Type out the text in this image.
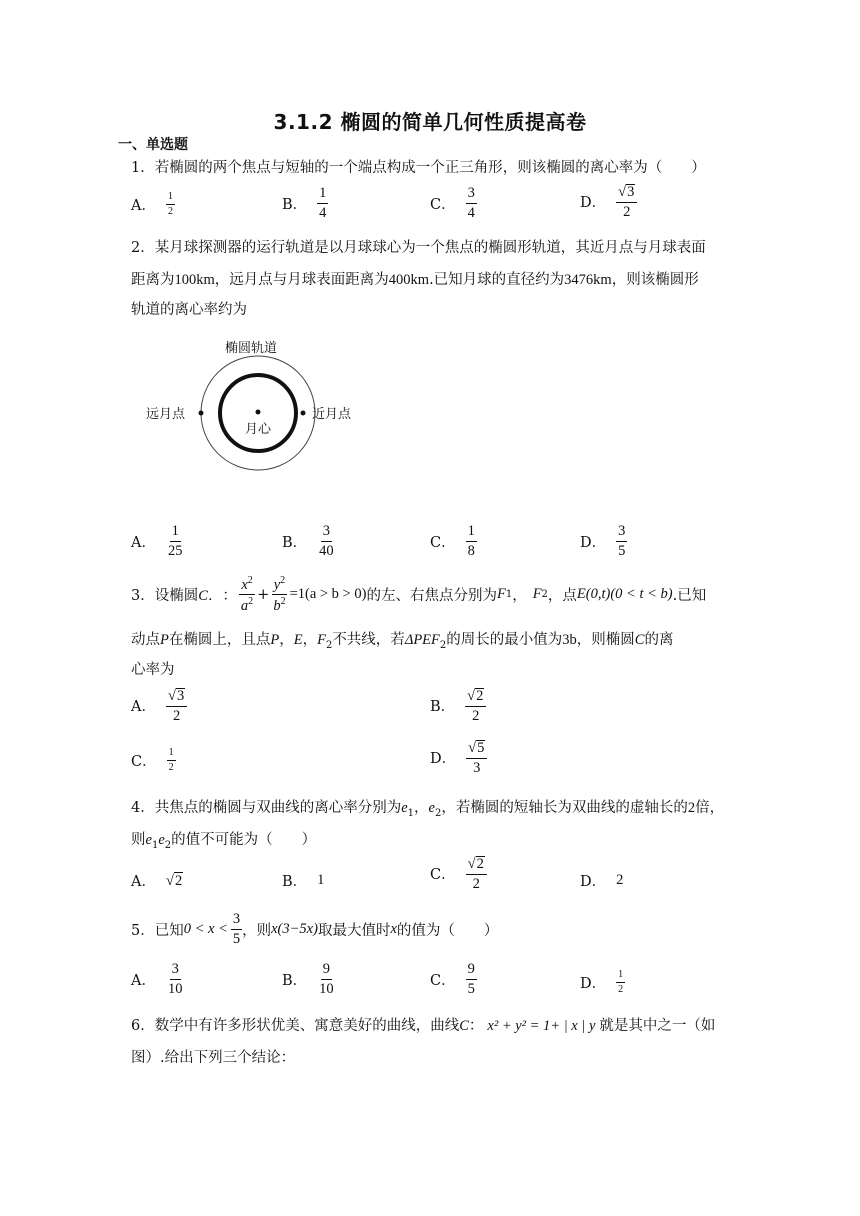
3.1.2 椭圆的简单几何性质提高卷
一、单选题
1．若椭圆的两个焦点与短轴的一个端点构成一个正三角形，则该椭圆的离心率为（　　）
A． $\frac{1}{2}$	B． $\frac{1}{4}$	C． $\frac{3}{4}$	D． $\frac{√ 3}{2}$
2．某月球探测器的运行轨道是以月球球心为一个焦点的椭圆形轨道，其近月点与月球表面
距离为100km，远月点与月球表面距离为400km.已知月球的直径约为3476km，则该椭圆形
轨道的离心率约为
椭圆轨道
远月点	近月点
月心
A． $\frac{1}{25}$	B． $\frac{3}{40}$	C． $\frac{1}{8}$	D． $\frac{3}{5}$
3．设椭圆 C． ： $\frac{x^2}{a^2} + \frac{y^2}{b^2} =1(a > b > 0)$ 的左、右焦点分别为 F 1 ， F 2 ，点 E(0,t)(0 < t < b) .已知
动点P在椭圆上，且点P，E，$F_2$不共线，若$\Delta PEF_2$的周长的最小值为3b，则椭圆C的离
心率为
A． $\frac{√ 3}{2}$	B． $\frac{√ 2}{2}$
C． $\frac{1}{2}$	D． $\frac{√ 5}{3}$
4．共焦点的椭圆与双曲线的离心率分别为$e_1$，$e_2$，若椭圆的短轴长为双曲线的虚轴长的2倍，
则$e_1e_2$的值不可能为（　　）
A． √ 2	B． 1	C． $\frac{√ 2}{2}$	D． 2
5．已知 $0 < x < \frac{3}{5}$ ，则 x(3−5x) 取最大值时 x 的值为（　　）
A． $\frac{3}{10}$	B． $\frac{9}{10}$	C． $\frac{9}{5}$	D． $\frac{1}{2}$
6．数学中有许多形状优美、寓意美好的曲线，曲线C： x² + y² = 1+ | x | y 就是其中之一（如
图）.给出下列三个结论：
